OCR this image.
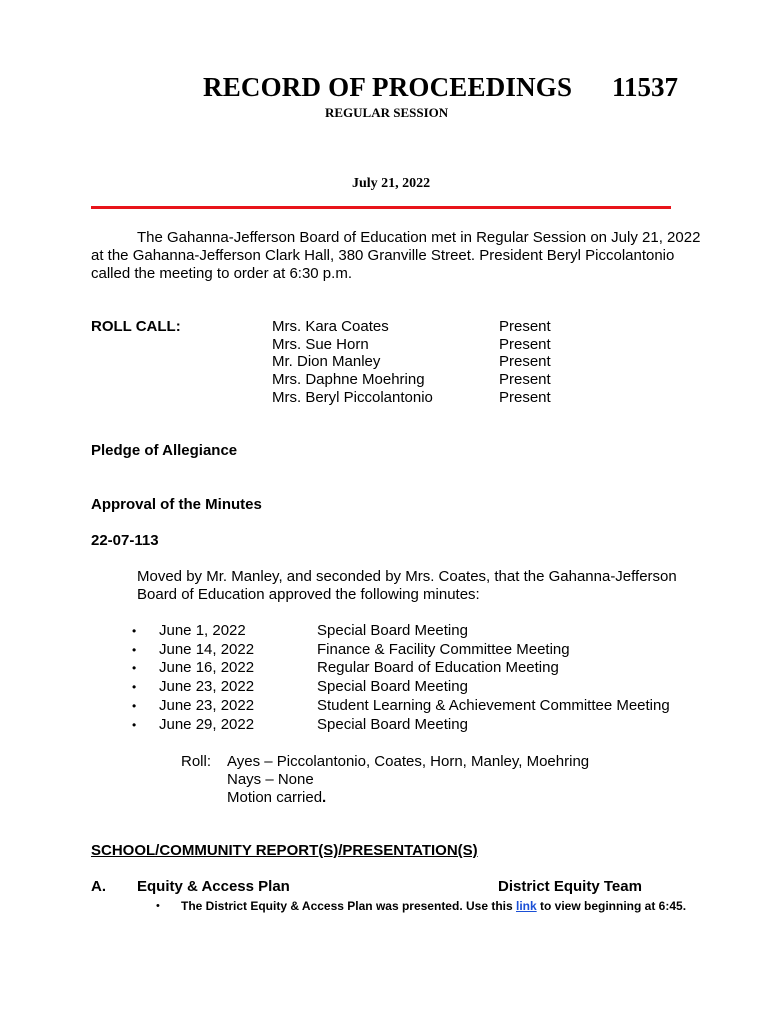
RECORD OF PROCEEDINGS 11537
REGULAR SESSION
July 21, 2022
The Gahanna-Jefferson Board of Education met in Regular Session on July 21, 2022
at the Gahanna-Jefferson Clark Hall, 380 Granville Street. President Beryl Piccolantonio
called the meeting to order at 6:30 p.m.
ROLL CALL:	Mrs. Kara Coates	Present
Mrs. Sue Horn	Present
Mr. Dion Manley	Present
Mrs. Daphne Moehring	Present
Mrs. Beryl Piccolantonio	Present
Pledge of Allegiance
Approval of the Minutes
22-07-113
Moved by Mr. Manley, and seconded by Mrs. Coates, that the Gahanna-Jefferson
Board of Education approved the following minutes:
• June 1, 2022	Special Board Meeting
• June 14, 2022	Finance & Facility Committee Meeting
• June 16, 2022	Regular Board of Education Meeting
• June 23, 2022	Special Board Meeting
• June 23, 2022	Student Learning & Achievement Committee Meeting
• June 29, 2022	Special Board Meeting
Roll: Ayes – Piccolantonio, Coates, Horn, Manley, Moehring
Nays – None
Motion carried.
SCHOOL/COMMUNITY REPORT(S)/PRESENTATION(S)
A. Equity & Access Plan	District Equity Team
• The District Equity & Access Plan was presented. Use this link to view beginning at 6:45.
